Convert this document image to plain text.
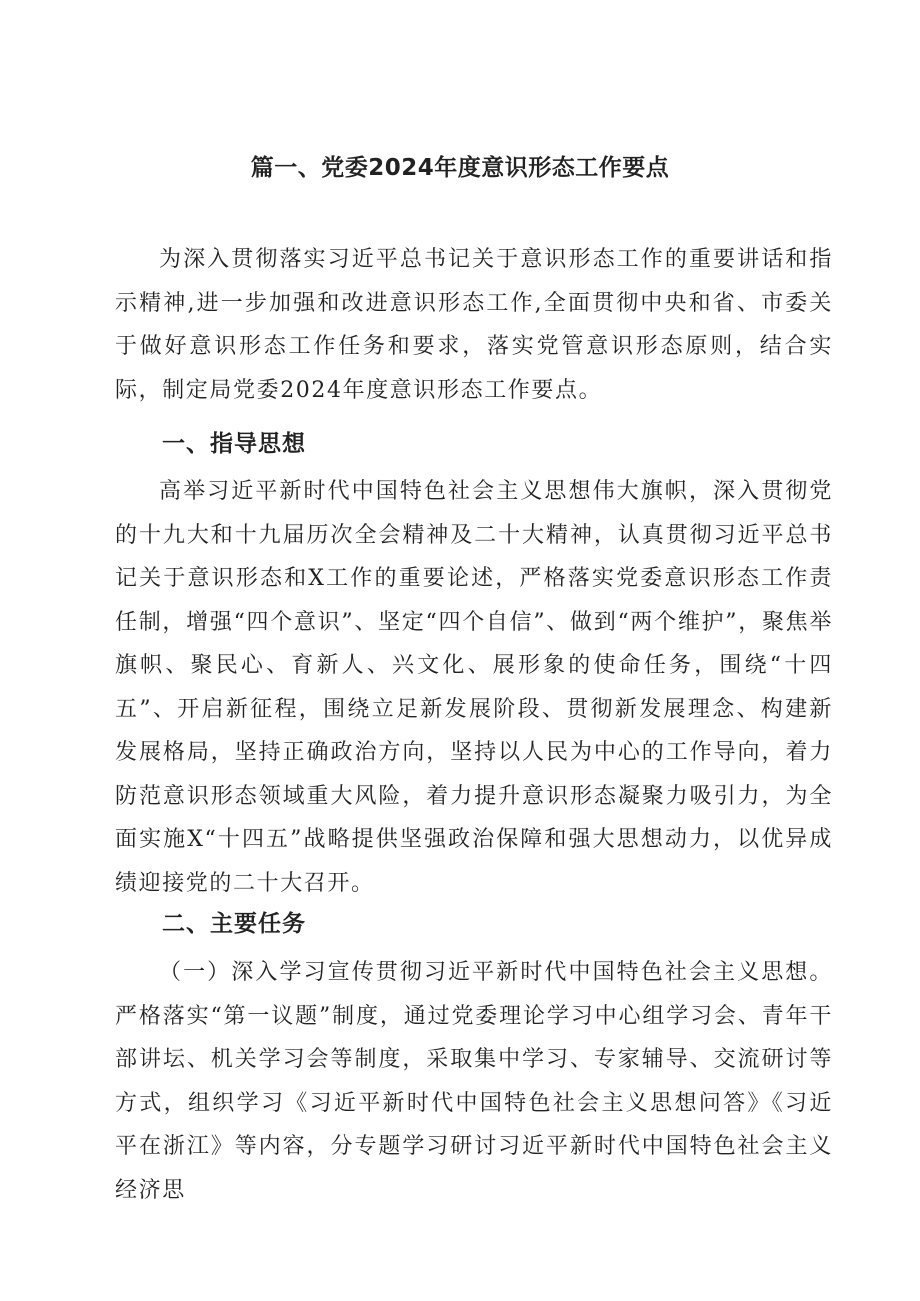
篇一、党委2024年度意识形态工作要点

为深入贯彻落实习近平总书记关于意识形态工作的重要讲话和指示精神,进一步加强和改进意识形态工作,全面贯彻中央和省、市委关于做好意识形态工作任务和要求，落实党管意识形态原则，结合实际，制定局党委2024年度意识形态工作要点。

一、指导思想

高举习近平新时代中国特色社会主义思想伟大旗帜，深入贯彻党的十九大和十九届历次全会精神及二十大精神，认真贯彻习近平总书记关于意识形态和X工作的重要论述，严格落实党委意识形态工作责任制，增强“四个意识”、坚定“四个自信”、做到“两个维护”，聚焦举旗帜、聚民心、育新人、兴文化、展形象的使命任务，围绕“十四五”、开启新征程，围绕立足新发展阶段、贯彻新发展理念、构建新发展格局，坚持正确政治方向，坚持以人民为中心的工作导向，着力防范意识形态领域重大风险，着力提升意识形态凝聚力吸引力，为全面实施X“十四五”战略提供坚强政治保障和强大思想动力，以优异成绩迎接党的二十大召开。

二、主要任务

（一）深入学习宣传贯彻习近平新时代中国特色社会主义思想。严格落实“第一议题”制度，通过党委理论学习中心组学习会、青年干部讲坛、机关学习会等制度，采取集中学习、专家辅导、交流研讨等方式，组织学习《习近平新时代中国特色社会主义思想问答》《习近平在浙江》等内容，分专题学习研讨习近平新时代中国特色社会主义经济思
